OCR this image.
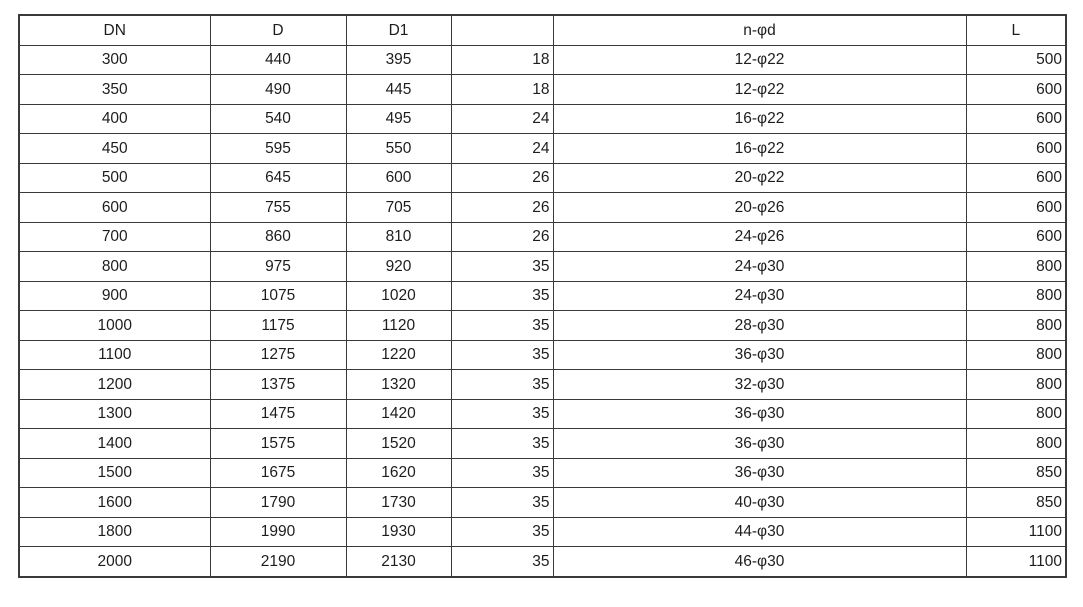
DN	D	D1		n-φd	L
300	440	395	18	12-φ22	500
350	490	445	18	12-φ22	600
400	540	495	24	16-φ22	600
450	595	550	24	16-φ22	600
500	645	600	26	20-φ22	600
600	755	705	26	20-φ26	600
700	860	810	26	24-φ26	600
800	975	920	35	24-φ30	800
900	1075	1020	35	24-φ30	800
1000	1175	1120	35	28-φ30	800
1100	1275	1220	35	36-φ30	800
1200	1375	1320	35	32-φ30	800
1300	1475	1420	35	36-φ30	800
1400	1575	1520	35	36-φ30	800
1500	1675	1620	35	36-φ30	850
1600	1790	1730	35	40-φ30	850
1800	1990	1930	35	44-φ30	1100
2000	2190	2130	35	46-φ30	1100
